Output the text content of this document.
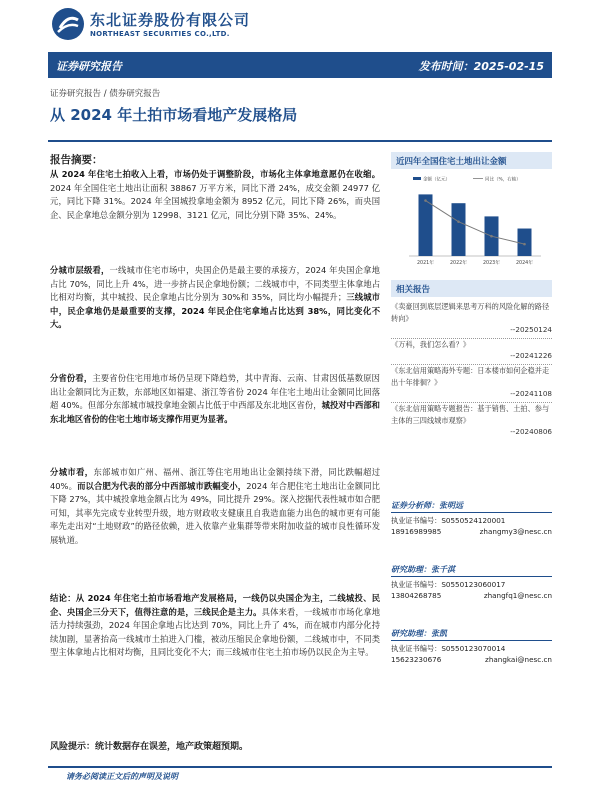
东北证券股份有限公司
NORTHEAST SECURITIES CO.,LTD.
证券研究报告	发布时间：2025-02-15
证券研究报告 / 债券研究报告
从 2024 年土拍市场看地产发展格局
报告摘要：
从 2024 年住宅土拍收入上看，市场仍处于调整阶段，市场化主体拿地意愿仍在收缩。2024 年全国住宅土地出让面积 38867 万平方米，同比下滑 24%，成交金额 24977 亿元，同比下降 31%。2024 年全国城投拿地金额为 8952 亿元，同比下降 26%，而央国企、民企拿地总金额分别为 12998、3121 亿元，同比分别下降 35%、24%。
分城市层级看，一线城市住宅市场中，央国企仍是最主要的承接方，2024 年央国企拿地占比 70%，同比上升 4%，进一步挤占民企拿地份额；二线城市中，不同类型主体拿地占比相对均衡，其中城投、民企拿地占比分别为 30%和 35%，同比均小幅提升；三线城市中，民企拿地仍是最重要的支撑，2024 年民企住宅拿地占比达到 38%，同比变化不大。
分省份看，主要省份住宅用地市场仍呈现下降趋势，其中青海、云南、甘肃因低基数原因出让金额同比为正数，东部地区如福建、浙江等省份 2024 年住宅土地出让金额同比回落超 40%。但部分东部城市城投拿地金额占比低于中西部及东北地区省份，城投对中西部和东北地区省份的住宅土地市场支撑作用更为显著。
分城市看，东部城市如广州、福州、浙江等住宅用地出让金额持续下滑，同比跌幅超过 40%。而以合肥为代表的部分中西部城市跌幅变小，2024 年合肥住宅土地出让金额同比下降 27%，其中城投拿地金额占比为 49%，同比提升 29%。深入挖掘代表性城市如合肥可知，其率先完成专业转型升级，地方财政收支健康且自我造血能力出色的城市更有可能率先走出对“土地财政”的路径依赖，进入依靠产业集群等带来附加收益的城市良性循环发展轨道。
结论：从 2024 年住宅土拍市场看地产发展格局，一线仍以央国企为主，二线城投、民企、央国企三分天下，值得注意的是，三线民企是主力。具体来看，一线城市市场化拿地活力持续强劲，2024 年国企拿地占比达到 70%，同比上升了 4%，而在城市内部分化持续加剧，显著抬高一线城市土拍进入门槛，被动压缩民企拿地份额，二线城市中，不同类型主体拿地占比相对均衡，且同比变化不大；而三线城市住宅土拍市场仍以民企为主导。
近四年全国住宅土地出让金额
金额（亿元）	同比（%，右轴）
2021年	2022年	2023年	2024年
相关报告
《卖豪回到底层逻辑来思考万科的风险化解的路径转向》
--20250124
《万科，我们怎么看？》
--20241226
《东北信用策略海外专题：日本楼市如何企稳并走出十年徘徊？》
--20241108
《东北信用策略专题报告：基于销售、土拍、参与主体的三四线城市观察》
--20240806
证券分析师：张明远
执业证书编号：S0550524120001
18916989985	zhangmy3@nesc.cn
研究助理：张千淇
执业证书编号：S0550123060017
13804268785	zhangfq1@nesc.cn
研究助理：张凯
执业证书编号：S0550123070014
15623230676	zhangkai@nesc.cn
风险提示：统计数据存在误差，地产政策超预期。
请务必阅读正文后的声明及说明
